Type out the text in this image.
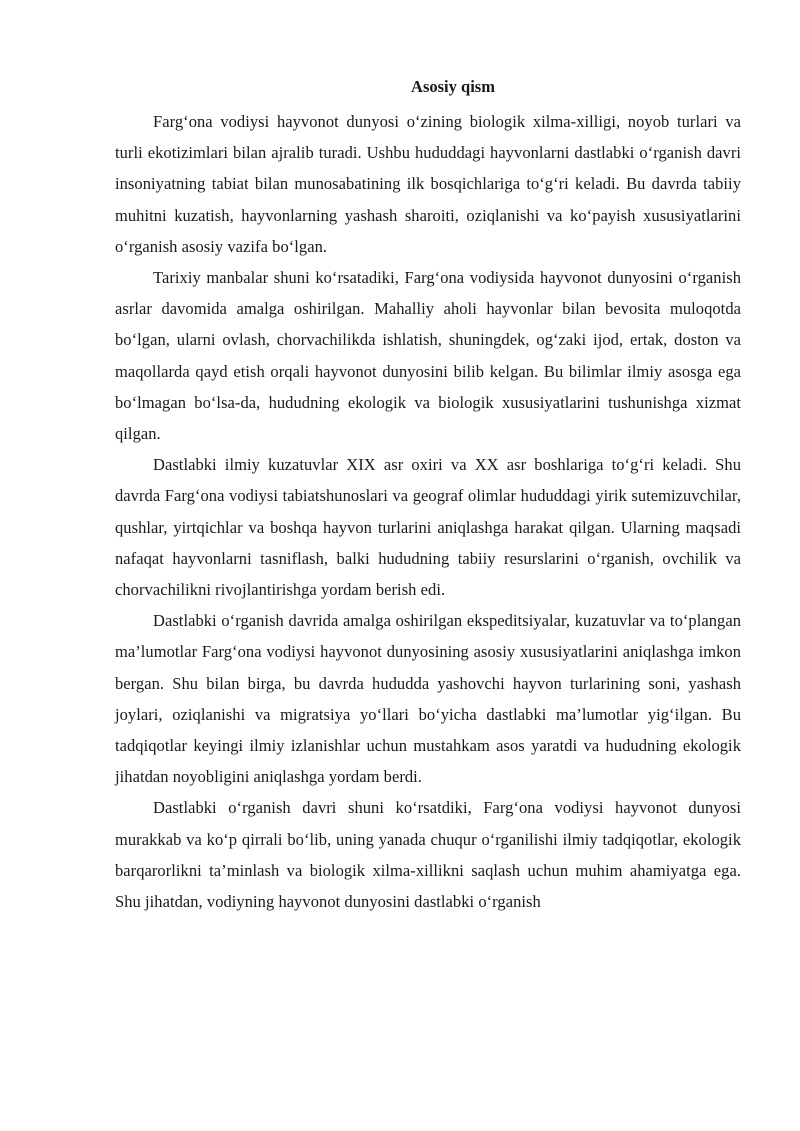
Asosiy qism

Farg‘ona vodiysi hayvonot dunyosi o‘zining biologik xilma-xilligi, noyob turlari va turli ekotizimlari bilan ajralib turadi. Ushbu hududdagi hayvonlarni dastlabki o‘rganish davri insoniyatning tabiat bilan munosabatining ilk bosqichlariga to‘g‘ri keladi. Bu davrda tabiiy muhitni kuzatish, hayvonlarning yashash sharoiti, oziqlanishi va ko‘payish xususiyatlarini o‘rganish asosiy vazifa bo‘lgan.

Tarixiy manbalar shuni ko‘rsatadiki, Farg‘ona vodiysida hayvonot dunyosini o‘rganish asrlar davomida amalga oshirilgan. Mahalliy aholi hayvonlar bilan bevosita muloqotda bo‘lgan, ularni ovlash, chorvachilikda ishlatish, shuningdek, og‘zaki ijod, ertak, doston va maqollarda qayd etish orqali hayvonot dunyosini bilib kelgan. Bu bilimlar ilmiy asosga ega bo‘lmagan bo‘lsa-da, hududning ekologik va biologik xususiyatlarini tushunishga xizmat qilgan.

Dastlabki ilmiy kuzatuvlar XIX asr oxiri va XX asr boshlariga to‘g‘ri keladi. Shu davrda Farg‘ona vodiysi tabiatshunoslari va geograf olimlar hududdagi yirik sutemizuvchilar, qushlar, yirtqichlar va boshqa hayvon turlarini aniqlashga harakat qilgan. Ularning maqsadi nafaqat hayvonlarni tasniflash, balki hududning tabiiy resurslarini o‘rganish, ovchilik va chorvachilikni rivojlantirishga yordam berish edi.

Dastlabki o‘rganish davrida amalga oshirilgan ekspeditsiyalar, kuzatuvlar va to‘plangan ma’lumotlar Farg‘ona vodiysi hayvonot dunyosining asosiy xususiyatlarini aniqlashga imkon bergan. Shu bilan birga, bu davrda hududda yashovchi hayvon turlarining soni, yashash joylari, oziqlanishi va migratsiya yo‘llari bo‘yicha dastlabki ma’lumotlar yig‘ilgan. Bu tadqiqotlar keyingi ilmiy izlanishlar uchun mustahkam asos yaratdi va hududning ekologik jihatdan noyobligini aniqlashga yordam berdi.

Dastlabki o‘rganish davri shuni ko‘rsatdiki, Farg‘ona vodiysi hayvonot dunyosi murakkab va ko‘p qirrali bo‘lib, uning yanada chuqur o‘rganilishi ilmiy tadqiqotlar, ekologik barqarorlikni ta’minlash va biologik xilma-xillikni saqlash uchun muhim ahamiyatga ega. Shu jihatdan, vodiyning hayvonot dunyosini dastlabki o‘rganish
